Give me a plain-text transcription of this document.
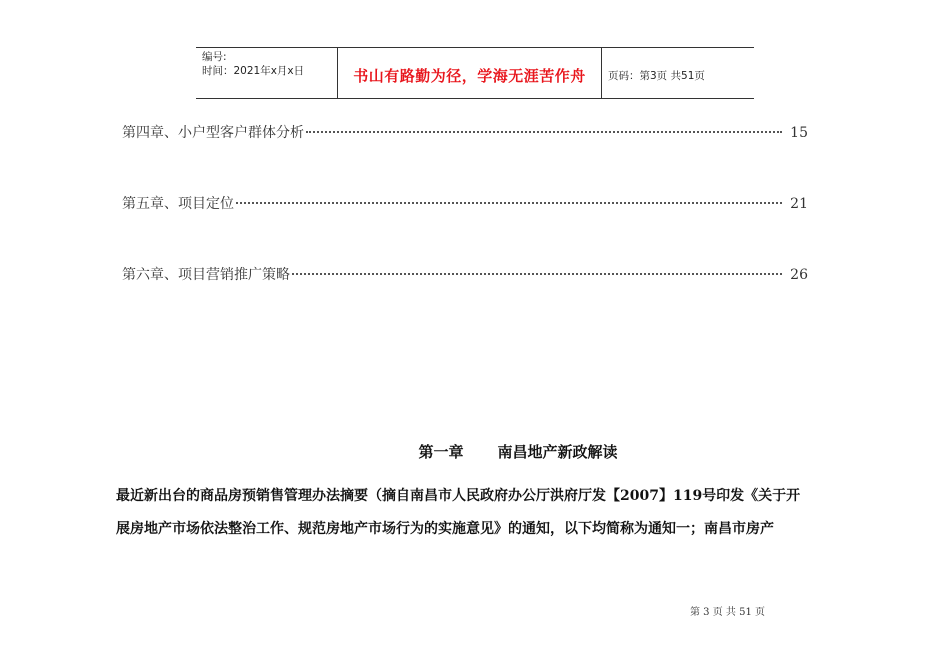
编号:
时间：2021年x月x日	书山有路勤为径，学海无涯苦作舟	页码：第3页 共51页
第四章、小户型客户群体分析	15
第五章、项目定位	21
第六章、项目营销推广策略	26
第一章 南昌地产新政解读
最近新出台的商品房预销售管理办法摘要（摘自南昌市人民政府办公厅洪府厅发【2007】119号印发《关于开
展房地产市场依法整治工作、规范房地产市场行为的实施意见》的通知，以下均简称为通知一；南昌市房产
第 3 页 共 51 页
